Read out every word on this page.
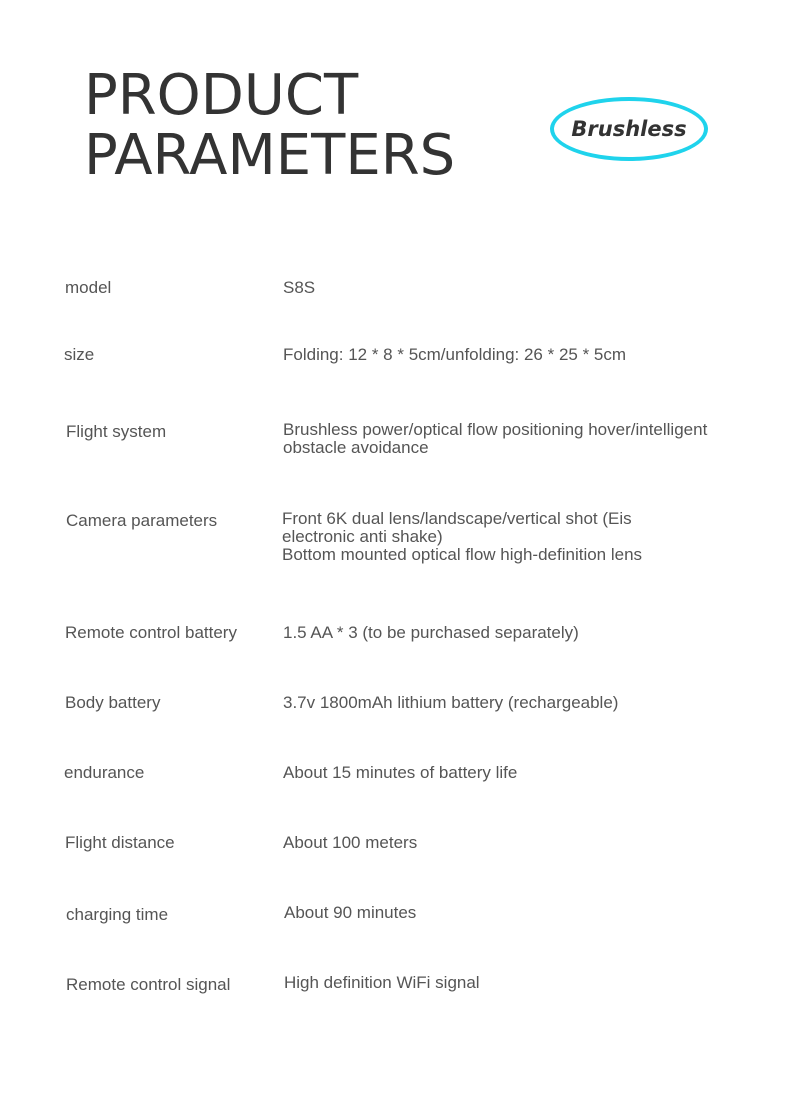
PRODUCT
PARAMETERS	Brushless
model	S8S
size	Folding: 12 * 8 * 5cm/unfolding: 26 * 25 * 5cm
Flight system	Brushless power/optical flow positioning hover/intelligent
obstacle avoidance
Camera parameters	Front 6K dual lens/landscape/vertical shot (Eis
electronic anti shake)
Bottom mounted optical flow high-definition lens
Remote control battery	1.5 AA * 3 (to be purchased separately)
Body battery	3.7v 1800mAh lithium battery (rechargeable)
endurance	About 15 minutes of battery life
Flight distance	About 100 meters
charging time	About 90 minutes
Remote control signal	High definition WiFi signal
